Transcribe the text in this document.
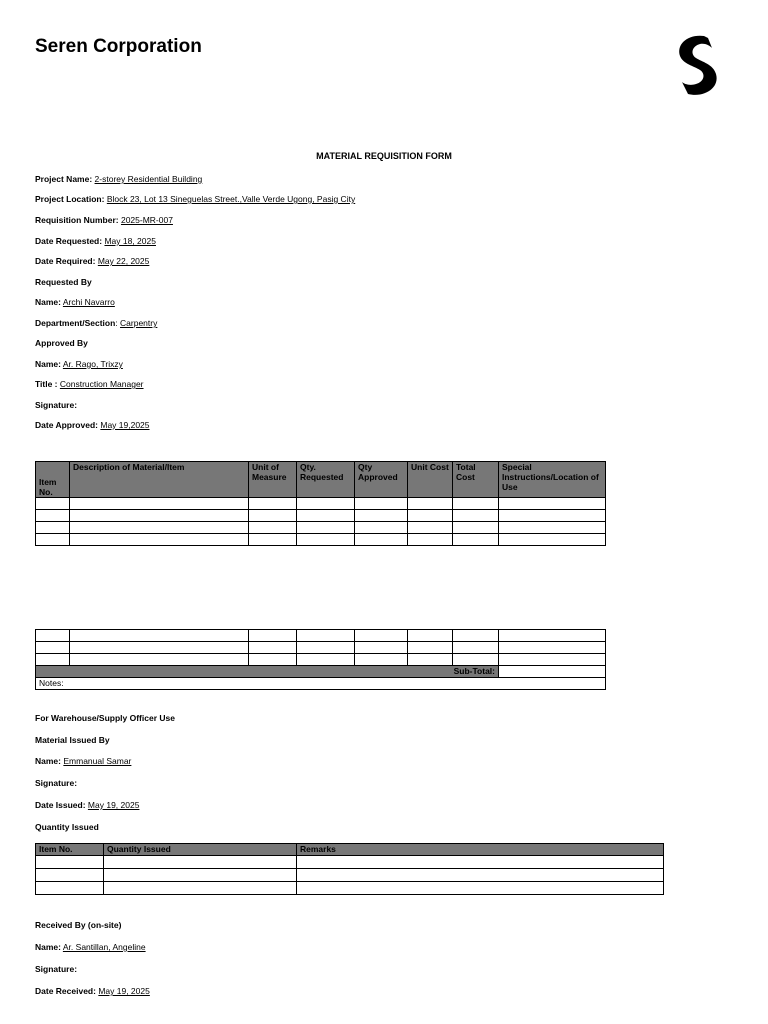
Seren Corporation
MATERIAL REQUISITION FORM
Project Name: 2-storey Residential Building
Project Location: Block 23, Lot 13 Sineguelas Street.,Valle Verde Ugong, Pasig City
Requisition Number: 2025-MR-007
Date Requested: May 18, 2025
Date Required: May 22, 2025
Requested By
Name: Archi Navarro
Department/Section: Carpentry
Approved By
Name: Ar. Rago, Trixzy
Title : Construction Manager
Signature:
Date Approved: May 19,2025
Item No.	Description of Material/Item	Unit of Measure	Qty. Requested	Qty Approved	Unit Cost	Total Cost	Special Instructions/Location of Use

Sub-Total:							
Notes:							
For Warehouse/Supply Officer Use
Material Issued By
Name: Emmanual Samar
Signature:
Date Issued: May 19, 2025
Quantity Issued
Item No.	Quantity Issued	Remarks

Received By (on-site)
Name: Ar. Santillan, Angeline
Signature:
Date Received: May 19, 2025
